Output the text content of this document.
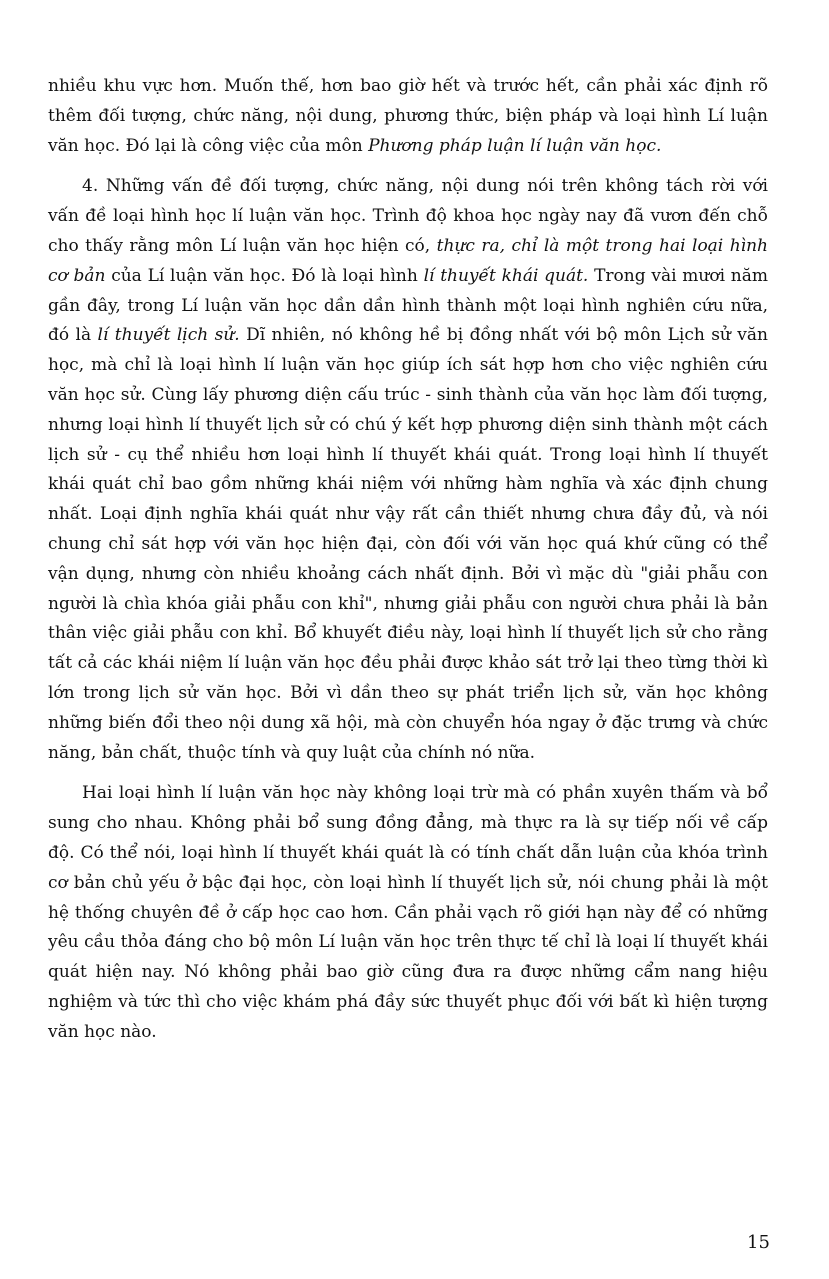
nhiều khu vực hơn. Muốn thế, hơn bao giờ hết và trước hết, cần phải xác định rõ thêm đối tượng, chức năng, nội dung, phương thức, biện pháp và loại hình Lí luận văn học. Đó lại là công việc của môn Phương pháp luận lí luận văn học.

4. Những vấn đề đối tượng, chức năng, nội dung nói trên không tách rời với vấn đề loại hình học lí luận văn học. Trình độ khoa học ngày nay đã vươn đến chỗ cho thấy rằng môn Lí luận văn học hiện có, thực ra, chỉ là một trong hai loại hình cơ bản của Lí luận văn học. Đó là loại hình lí thuyết khái quát. Trong vài mươi năm gần đây, trong Lí luận văn học dần dần hình thành một loại hình nghiên cứu nữa, đó là lí thuyết lịch sử. Dĩ nhiên, nó không hề bị đồng nhất với bộ môn Lịch sử văn học, mà chỉ là loại hình lí luận văn học giúp ích sát hợp hơn cho việc nghiên cứu văn học sử. Cùng lấy phương diện cấu trúc - sinh thành của văn học làm đối tượng, nhưng loại hình lí thuyết lịch sử có chú ý kết hợp phương diện sinh thành một cách lịch sử - cụ thể nhiều hơn loại hình lí thuyết khái quát. Trong loại hình lí thuyết khái quát chỉ bao gồm những khái niệm với những hàm nghĩa và xác định chung nhất. Loại định nghĩa khái quát như vậy rất cần thiết nhưng chưa đầy đủ, và nói chung chỉ sát hợp với văn học hiện đại, còn đối với văn học quá khứ cũng có thể vận dụng, nhưng còn nhiều khoảng cách nhất định. Bởi vì mặc dù "giải phẫu con người là chìa khóa giải phẫu con khỉ", nhưng giải phẫu con người chưa phải là bản thân việc giải phẫu con khỉ. Bổ khuyết điều này, loại hình lí thuyết lịch sử cho rằng tất cả các khái niệm lí luận văn học đều phải được khảo sát trở lại theo từng thời kì lớn trong lịch sử văn học. Bởi vì dần theo sự phát triển lịch sử, văn học không những biến đổi theo nội dung xã hội, mà còn chuyển hóa ngay ở đặc trưng và chức năng, bản chất, thuộc tính và quy luật của chính nó nữa.

Hai loại hình lí luận văn học này không loại trừ mà có phần xuyên thấm và bổ sung cho nhau. Không phải bổ sung đồng đẳng, mà thực ra là sự tiếp nối về cấp độ. Có thể nói, loại hình lí thuyết khái quát là có tính chất dẫn luận của khóa trình cơ bản chủ yếu ở bậc đại học, còn loại hình lí thuyết lịch sử, nói chung phải là một hệ thống chuyên đề ở cấp học cao hơn. Cần phải vạch rõ giới hạn này để có những yêu cầu thỏa đáng cho bộ môn Lí luận văn học trên thực tế chỉ là loại lí thuyết khái quát hiện nay. Nó không phải bao giờ cũng đưa ra được những cẩm nang hiệu nghiệm và tức thì cho việc khám phá đầy sức thuyết phục đối với bất kì hiện tượng văn học nào.

15
